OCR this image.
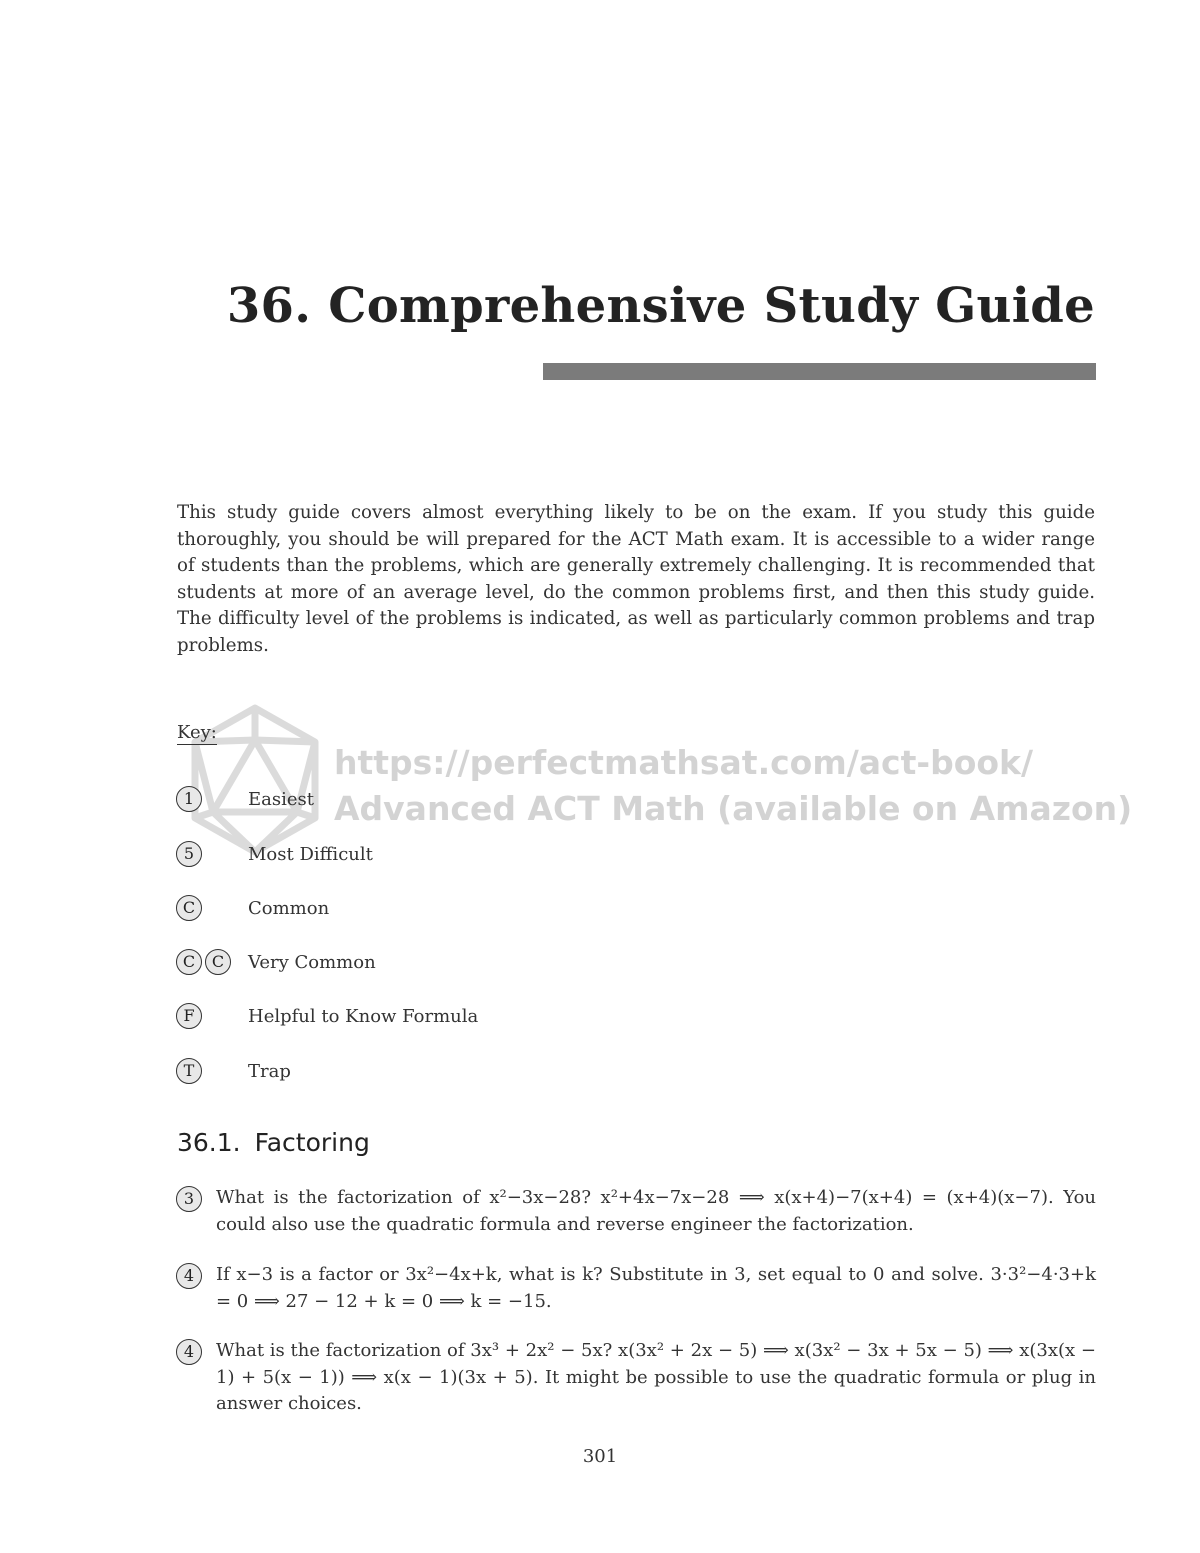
36. Comprehensive Study Guide
This study guide covers almost everything likely to be on the exam. If you study this guide thoroughly, you should be will prepared for the ACT Math exam. It is accessible to a wider range of students than the problems, which are generally extremely challenging. It is recommended that students at more of an average level, do the common problems first, and then this study guide. The difficulty level of the problems is indicated, as well as particularly common problems and trap problems.
Key:
1	Easiest
5	Most Difficult
C	Common
C	C	Very Common
F	Helpful to Know Formula
T	Trap
36.1. Factoring
3	What is the factorization of x²−3x−28? x²+4x−7x−28 ⟹ x(x+4)−7(x+4) = (x+4)(x−7). You could also use the quadratic formula and reverse engineer the factorization.
4	If x−3 is a factor or 3x²−4x+k, what is k? Substitute in 3, set equal to 0 and solve. 3·3²−4·3+k = 0 ⟹ 27 − 12 + k = 0 ⟹ k = −15.
4	What is the factorization of 3x³ + 2x² − 5x? x(3x² + 2x − 5) ⟹ x(3x² − 3x + 5x − 5) ⟹ x(3x(x − 1) + 5(x − 1)) ⟹ x(x − 1)(3x + 5). It might be possible to use the quadratic formula or plug in answer choices.
301
https://perfectmathsat.com/act-book/
Advanced ACT Math (available on Amazon)
